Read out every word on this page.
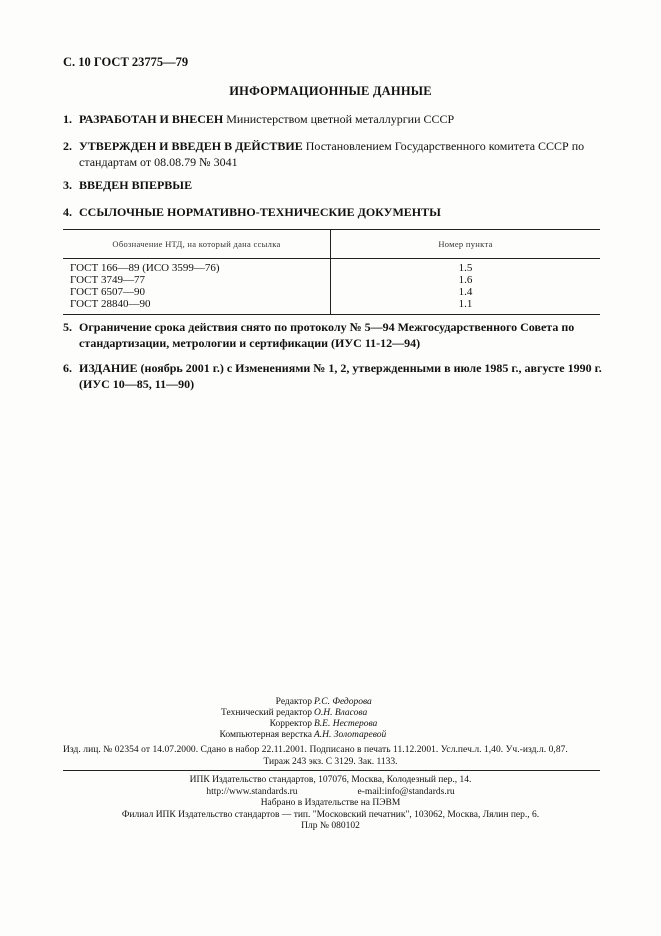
С. 10 ГОСТ 23775—79
ИНФОРМАЦИОННЫЕ ДАННЫЕ
1. РАЗРАБОТАН И ВНЕСЕН Министерством цветной металлургии СССР
2. УТВЕРЖДЕН И ВВЕДЕН В ДЕЙСТВИЕ Постановлением Государственного комитета СССР по стандартам от 08.08.79 № 3041
3. ВВЕДЕН ВПЕРВЫЕ
4. ССЫЛОЧНЫЕ НОРМАТИВНО-ТЕХНИЧЕСКИЕ ДОКУМЕНТЫ
Обозначение НТД, на который дана ссылка	Номер пункта
ГОСТ 166—89 (ИСО 3599—76)	1.5
ГОСТ 3749—77	1.6
ГОСТ 6507—90	1.4
ГОСТ 28840—90	1.1
5. Ограничение срока действия снято по протоколу № 5—94 Межгосударственного Совета по стандартизации, метрологии и сертификации (ИУС 11-12—94)
6. ИЗДАНИЕ (ноябрь 2001 г.) с Изменениями № 1, 2, утвержденными в июле 1985 г., августе 1990 г. (ИУС 10—85, 11—90)
Редактор Р.С. Федорова
Технический редактор О.Н. Власова
Корректор В.Е. Нестерова
Компьютерная верстка А.Н. Золотаревой
Изд. лиц. № 02354 от 14.07.2000. Сдано в набор 22.11.2001. Подписано в печать 11.12.2001. Усл.печ.л. 1,40. Уч.-изд.л. 0,87.
Тираж 243 экз. С 3129. Зак. 1133.
ИПК Издательство стандартов, 107076, Москва, Колодезный пер., 14.
http://www.standards.ru	e-mail:info@standards.ru
Набрано в Издательстве на ПЭВМ
Филиал ИПК Издательство стандартов — тип. "Московский печатник", 103062, Москва, Лялин пер., 6.
Плр № 080102
